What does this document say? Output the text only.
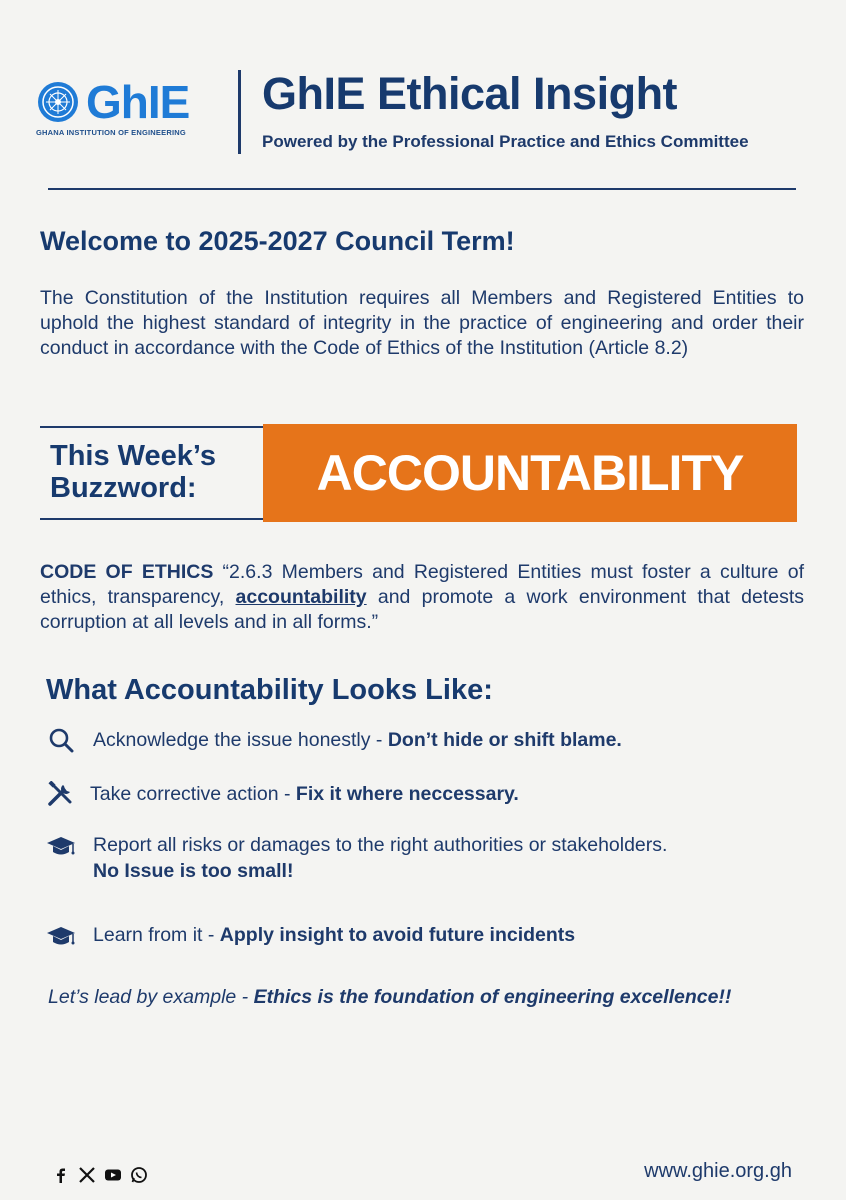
GhIE
GHANA INSTITUTION OF ENGINEERING
GhIE Ethical Insight
Powered by the Professional Practice and Ethics Committee
Welcome to 2025-2027 Council Term!
The Constitution of the Institution requires all Members and Registered Entities to uphold the highest standard of integrity in the practice of engineering and order their conduct in accordance with the Code of Ethics of the Institution (Article 8.2)
This Week’s Buzzword:	ACCOUNTABILITY
CODE OF ETHICS “2.6.3 Members and Registered Entities must foster a culture of ethics, transparency, accountability and promote a work environment that detests corruption at all levels and in all forms.”
What Accountability Looks Like:
Acknowledge the issue honestly - Don’t hide or shift blame.
Take corrective action - Fix it where neccessary.
Report all risks or damages to the right authorities or stakeholders.
No Issue is too small!
Learn from it - Apply insight to avoid future incidents
Let’s lead by example - Ethics is the foundation of engineering excellence!!
www.ghie.org.gh
